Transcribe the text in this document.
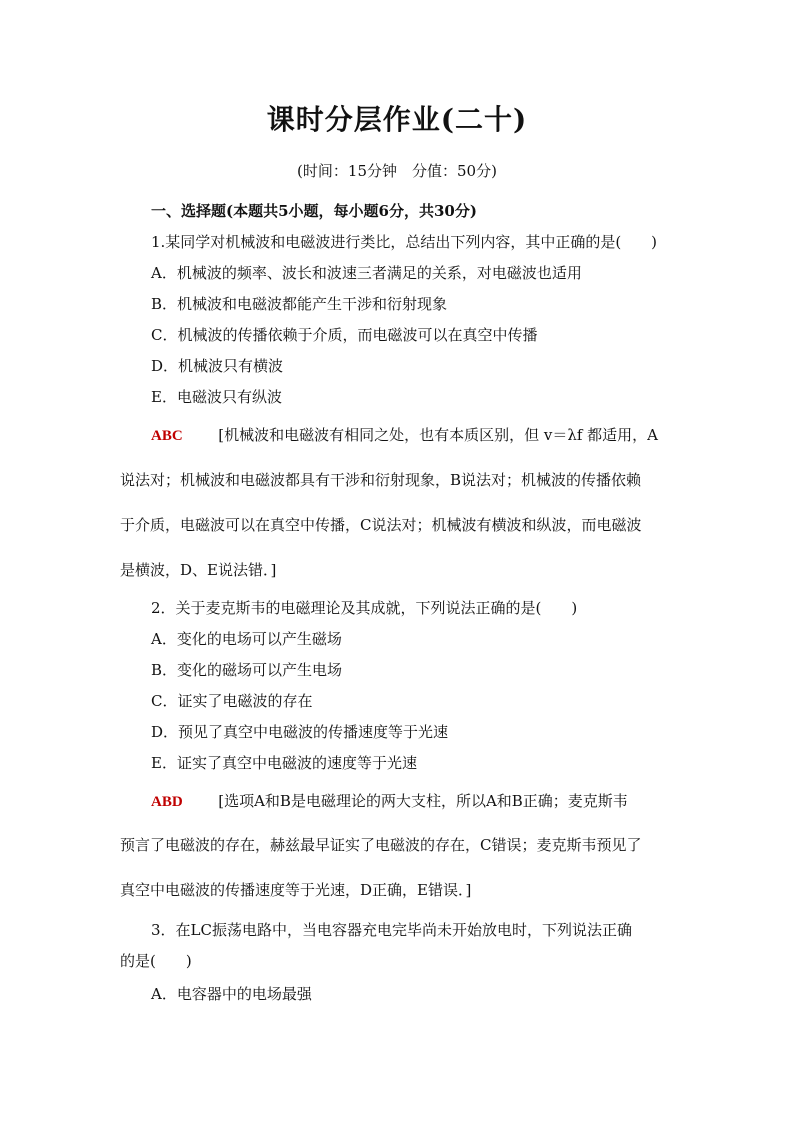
课时分层作业(二十)
(时间：15分钟　分值：50分)
一、选择题(本题共5小题，每小题6分，共30分)
1.某同学对机械波和电磁波进行类比，总结出下列内容，其中正确的是(　　)
A．机械波的频率、波长和波速三者满足的关系，对电磁波也适用
B．机械波和电磁波都能产生干涉和衍射现象
C．机械波的传播依赖于介质，而电磁波可以在真空中传播
D．机械波只有横波
E．电磁波只有纵波
ABC [机械波和电磁波有相同之处，也有本质区别，但 v＝λf 都适用，A
说法对；机械波和电磁波都具有干涉和衍射现象，B说法对；机械波的传播依赖
于介质，电磁波可以在真空中传播，C说法对；机械波有横波和纵波，而电磁波
是横波，D、E说法错．]
2．关于麦克斯韦的电磁理论及其成就，下列说法正确的是(　　)
A．变化的电场可以产生磁场
B．变化的磁场可以产生电场
C．证实了电磁波的存在
D．预见了真空中电磁波的传播速度等于光速
E．证实了真空中电磁波的速度等于光速
ABD [选项A和B是电磁理论的两大支柱，所以A和B正确；麦克斯韦
预言了电磁波的存在，赫兹最早证实了电磁波的存在，C错误；麦克斯韦预见了
真空中电磁波的传播速度等于光速，D正确，E错误．]
3．在LC振荡电路中，当电容器充电完毕尚未开始放电时，下列说法正确
的是(　　)
A．电容器中的电场最强
